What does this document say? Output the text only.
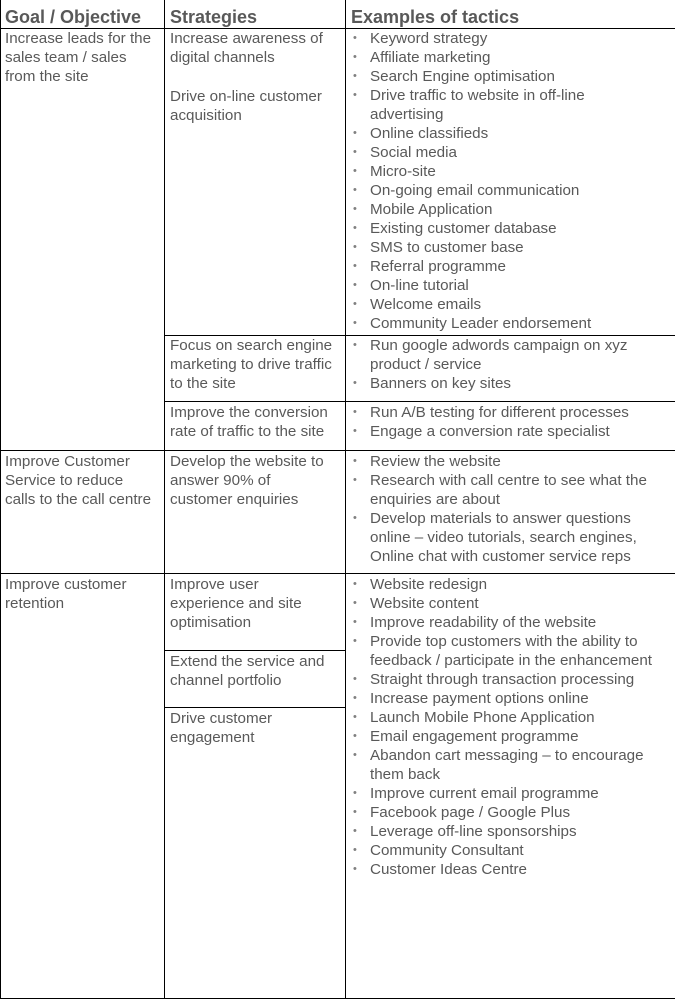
Goal / Objective Strategies	Examples of tactics
Increase leads for the
sales team / sales
from the site
Increase awareness of
digital channels
Drive on-line customer
acquisition
• Keyword strategy
• Affiliate marketing
• Search Engine optimisation
• Drive traffic to website in off-line
advertising
• Online classifieds
• Social media
• Micro-site
• On-going email communication
• Mobile Application
• Existing customer database
• SMS to customer base
• Referral programme
• On-line tutorial
• Welcome emails
• Community Leader endorsement
Focus on search engine
marketing to drive traffic
to the site
• Run google adwords campaign on xyz
product / service
• Banners on key sites
Improve the conversion
rate of traffic to the site
• Run A/B testing for different processes
• Engage a conversion rate specialist
Improve Customer
Service to reduce
calls to the call centre
Develop the website to
answer 90% of
customer enquiries
• Review the website
• Research with call centre to see what the
enquiries are about
• Develop materials to answer questions
online – video tutorials, search engines,
Online chat with customer service reps
Improve customer
retention
Improve user
experience and site
optimisation
Extend the service and
channel portfolio
Drive customer
engagement
• Website redesign
• Website content
• Improve readability of the website
• Provide top customers with the ability to
feedback / participate in the enhancement
• Straight through transaction processing
• Increase payment options online
• Launch Mobile Phone Application
• Email engagement programme
• Abandon cart messaging – to encourage
them back
• Improve current email programme
• Facebook page / Google Plus
• Leverage off-line sponsorships
• Community Consultant
• Customer Ideas Centre
